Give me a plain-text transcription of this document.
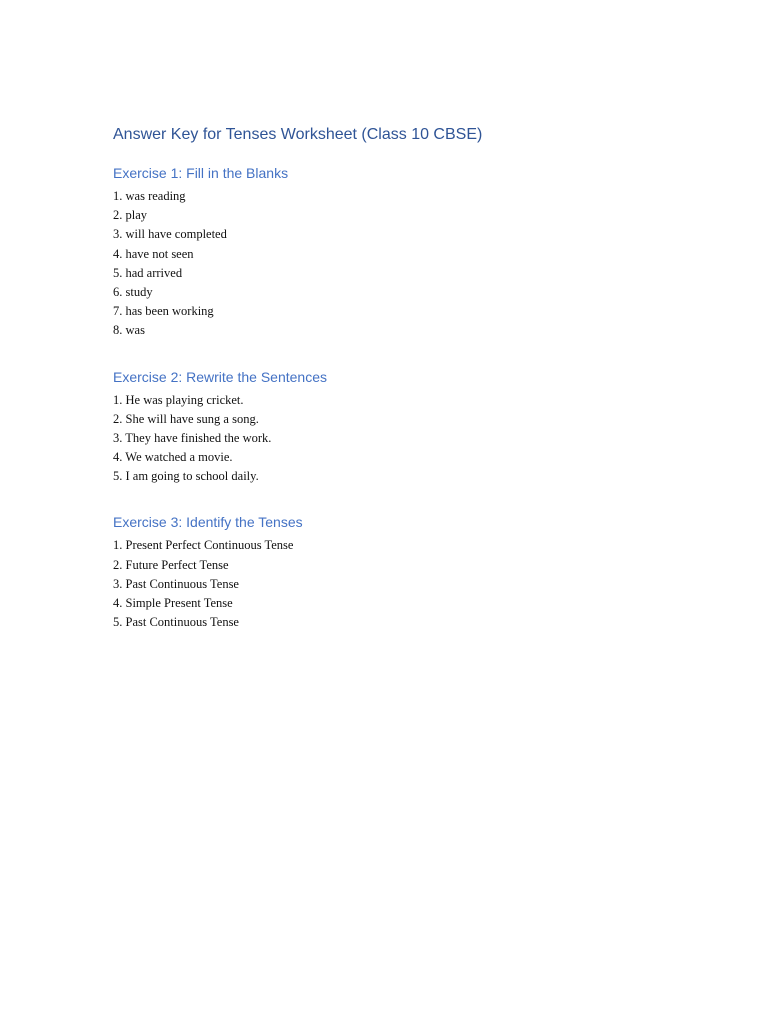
Answer Key for Tenses Worksheet (Class 10 CBSE)
Exercise 1: Fill in the Blanks
1. was reading
2. play
3. will have completed
4. have not seen
5. had arrived
6. study
7. has been working
8. was
Exercise 2: Rewrite the Sentences
1. He was playing cricket.
2. She will have sung a song.
3. They have finished the work.
4. We watched a movie.
5. I am going to school daily.
Exercise 3: Identify the Tenses
1. Present Perfect Continuous Tense
2. Future Perfect Tense
3. Past Continuous Tense
4. Simple Present Tense
5. Past Continuous Tense
